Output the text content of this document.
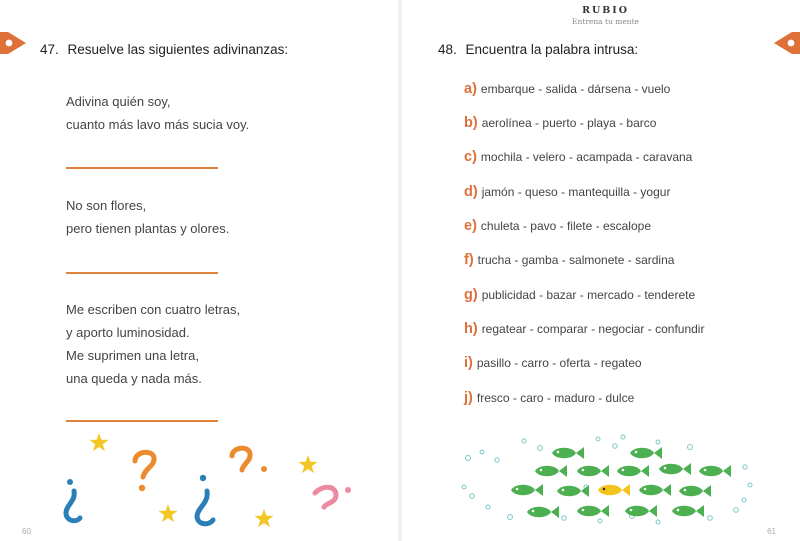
47. Resuelve las siguientes adivinanzas:
Adivina quién soy,
cuanto más lavo más sucia voy.
No son flores,
pero tienen plantas y olores.
Me escriben con cuatro letras,
y aporto luminosidad.
Me suprimen una letra,
una queda y nada más.
60
RUBIO
Entrena tu mente
48. Encuentra la palabra intrusa:
a) embarque - salida - dársena - vuelo
b) aerolínea - puerto - playa - barco
c) mochila - velero - acampada - caravana
d) jamón - queso - mantequilla - yogur
e) chuleta - pavo - filete - escalope
f) trucha - gamba - salmonete - sardina
g) publicidad - bazar - mercado - tenderete
h) regatear - comparar - negociar - confundir
i) pasillo - carro - oferta - regateo
j) fresco - caro - maduro - dulce
61
